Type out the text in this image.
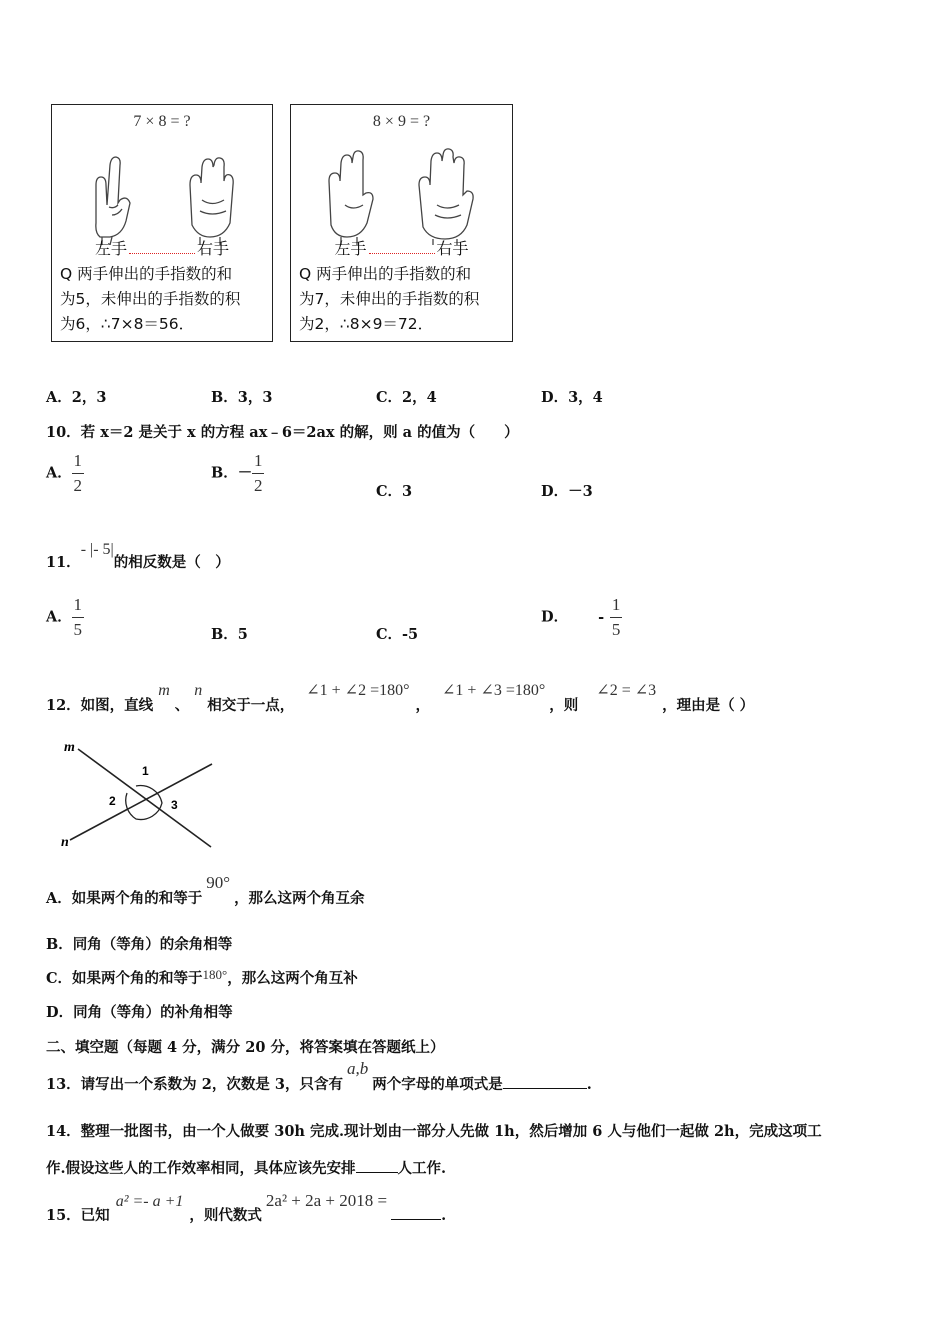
7 × 8 = ?
左手	右手
Q 两手伸出的手指数的和
为5，未伸出的手指数的积
为6，∴7×8＝56．
8 × 9 = ?
左手	右手
Q 两手伸出的手指数的和
为7，未伸出的手指数的积
为2，∴8×9＝72．
A．2，3	B．3，3	C．2，4	D．3，4
10．若 x＝2 是关于 x 的方程 ax﹣6＝2ax 的解，则 a 的值为（　　）
A． $\frac{1}{2}$	B．－ $\frac{1}{2}$	C．3	D．－3
11．- |- 5|的相反数是（　）
A． $\frac{1}{5}$	B．5	C．-5
D． - $\frac{1}{5}$
12．如图，直线m、n相交于一点，∠1 + ∠2 =180°，∠1 + ∠3 =180°，则∠2 = ∠3，理由是（ ）
m
n
1
2	3
A．如果两个角的和等于90°，那么这两个角互余
B．同角（等角）的余角相等
C．如果两个角的和等于180°，那么这两个角互补
D．同角（等角）的补角相等
二、填空题（每题 4 分，满分 20 分，将答案填在答题纸上）
13．请写出一个系数为 2，次数是 3，只含有a,b两个字母的单项式是	.
14．整理一批图书，由一个人做要 30h 完成.现计划由一部分人先做 1h，然后增加 6 人与他们一起做 2h，完成这项工
作.假设这些人的工作效率相同，具体应该先安排	人工作.
15．已知a² =- a +1，则代数式2a² + 2a + 2018 =.
